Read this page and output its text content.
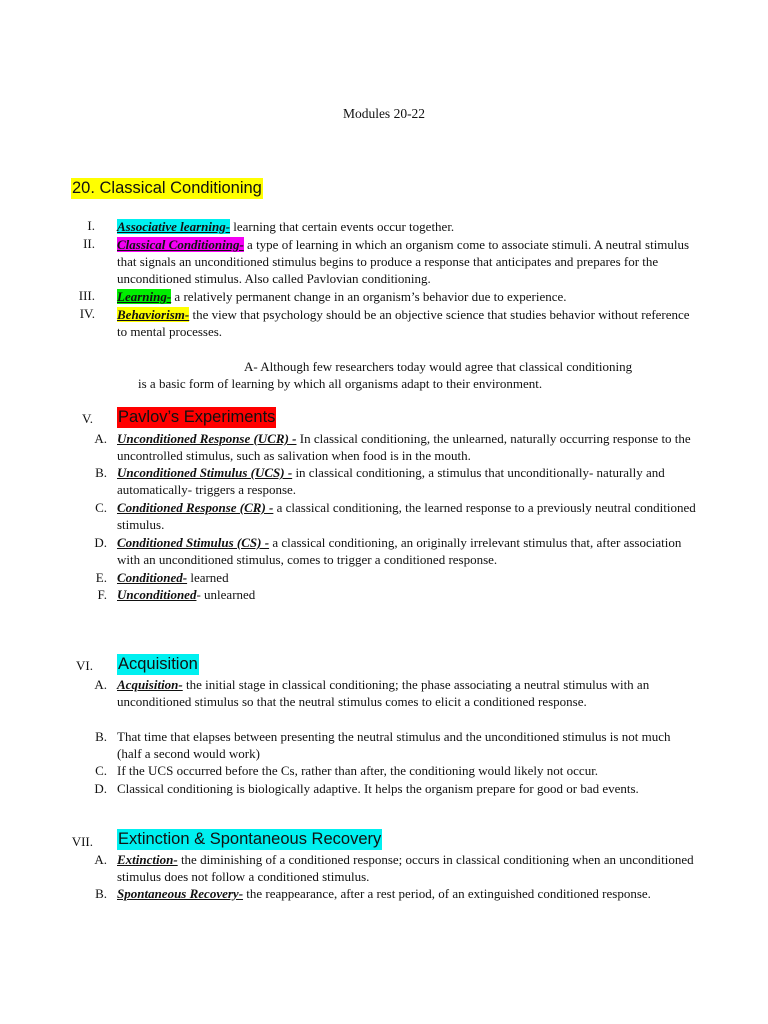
Modules 20-22
20. Classical Conditioning
I. Associative learning- learning that certain events occur together.
II. Classical Conditioning- a type of learning in which an organism come to associate stimuli. A neutral stimulus that signals an unconditioned stimulus begins to produce a response that anticipates and prepares for the unconditioned stimulus. Also called Pavlovian conditioning.
III. Learning- a relatively permanent change in an organism’s behavior due to experience.
IV. Behaviorism- the view that psychology should be an objective science that studies behavior without reference to mental processes.
A- Although few researchers today would agree that classical conditioning
is a basic form of learning by which all organisms adapt to their environment.
V. Pavlov’s Experiments
A. Unconditioned Response (UCR) - In classical conditioning, the unlearned, naturally occurring response to the uncontrolled stimulus, such as salivation when food is in the mouth.
B. Unconditioned Stimulus (UCS) - in classical conditioning, a stimulus that unconditionally- naturally and automatically- triggers a response.
C. Conditioned Response (CR) - a classical conditioning, the learned response to a previously neutral conditioned stimulus.
D. Conditioned Stimulus (CS) - a classical conditioning, an originally irrelevant stimulus that, after association with an unconditioned stimulus, comes to trigger a conditioned response.
E. Conditioned- learned
F. Unconditioned- unlearned
VI. Acquisition
A. Acquisition- the initial stage in classical conditioning; the phase associating a neutral stimulus with an unconditioned stimulus so that the neutral stimulus comes to elicit a conditioned response.
B. That time that elapses between presenting the neutral stimulus and the unconditioned stimulus is not much (half a second would work)
C. If the UCS occurred before the Cs, rather than after, the conditioning would likely not occur.
D. Classical conditioning is biologically adaptive. It helps the organism prepare for good or bad events.
VII. Extinction & Spontaneous Recovery
A. Extinction- the diminishing of a conditioned response; occurs in classical conditioning when an unconditioned stimulus does not follow a conditioned stimulus.
B. Spontaneous Recovery- the reappearance, after a rest period, of an extinguished conditioned response.
